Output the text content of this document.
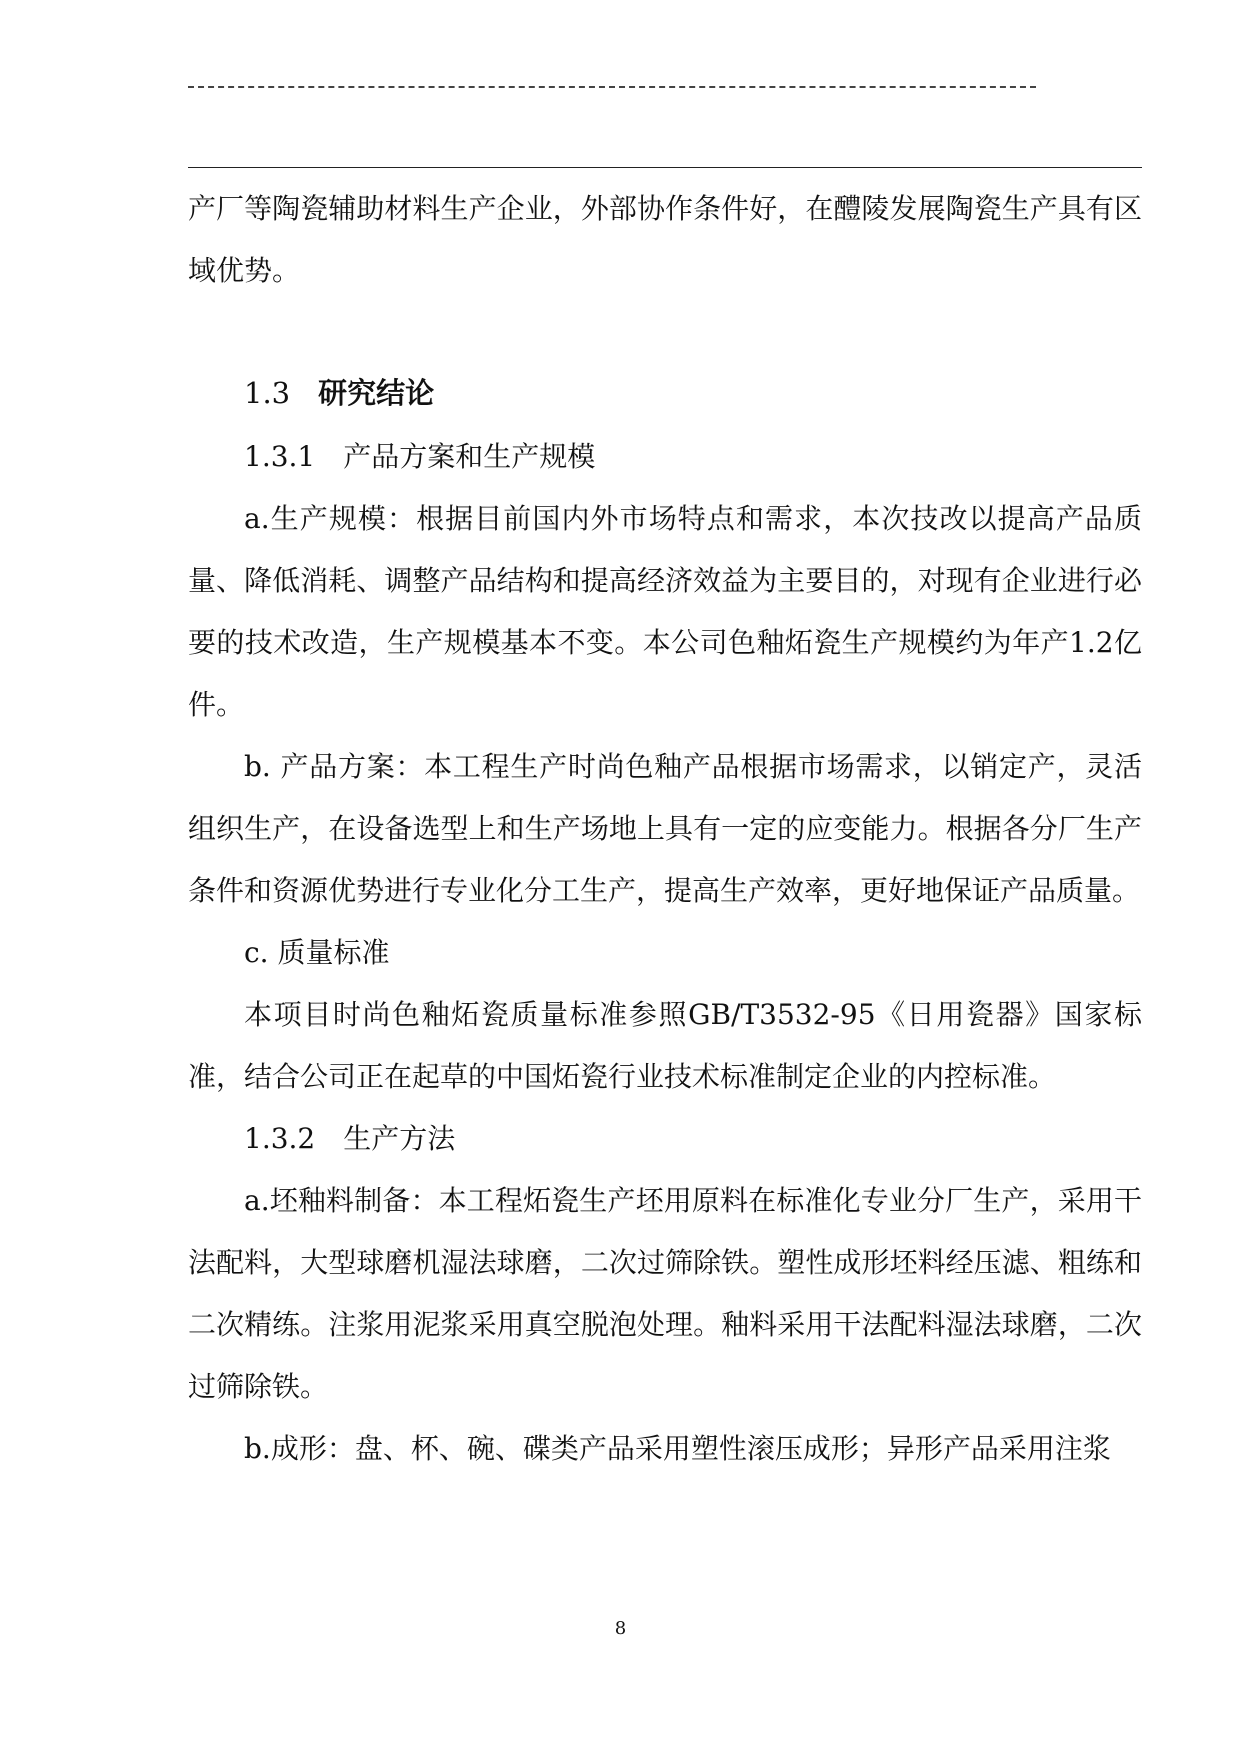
产厂等陶瓷辅助材料生产企业，外部协作条件好，在醴陵发展陶瓷生产具有区域优势。

1.3 研究结论

1.3.1 产品方案和生产规模

a.生产规模：根据目前国内外市场特点和需求，本次技改以提高产品质量、降低消耗、调整产品结构和提高经济效益为主要目的，对现有企业进行必要的技术改造，生产规模基本不变。本公司色釉炻瓷生产规模约为年产1.2亿件。

b. 产品方案：本工程生产时尚色釉产品根据市场需求，以销定产，灵活组织生产，在设备选型上和生产场地上具有一定的应变能力。根据各分厂生产条件和资源优势进行专业化分工生产，提高生产效率，更好地保证产品质量。

c. 质量标准

本项目时尚色釉炻瓷质量标准参照GB/T3532-95《日用瓷器》国家标准，结合公司正在起草的中国炻瓷行业技术标准制定企业的内控标准。

1.3.2 生产方法

a.坯釉料制备：本工程炻瓷生产坯用原料在标准化专业分厂生产，采用干法配料，大型球磨机湿法球磨，二次过筛除铁。塑性成形坯料经压滤、粗练和二次精练。注浆用泥浆采用真空脱泡处理。釉料采用干法配料湿法球磨，二次过筛除铁。

b.成形：盘、杯、碗、碟类产品采用塑性滚压成形；异形产品采用注浆

8
